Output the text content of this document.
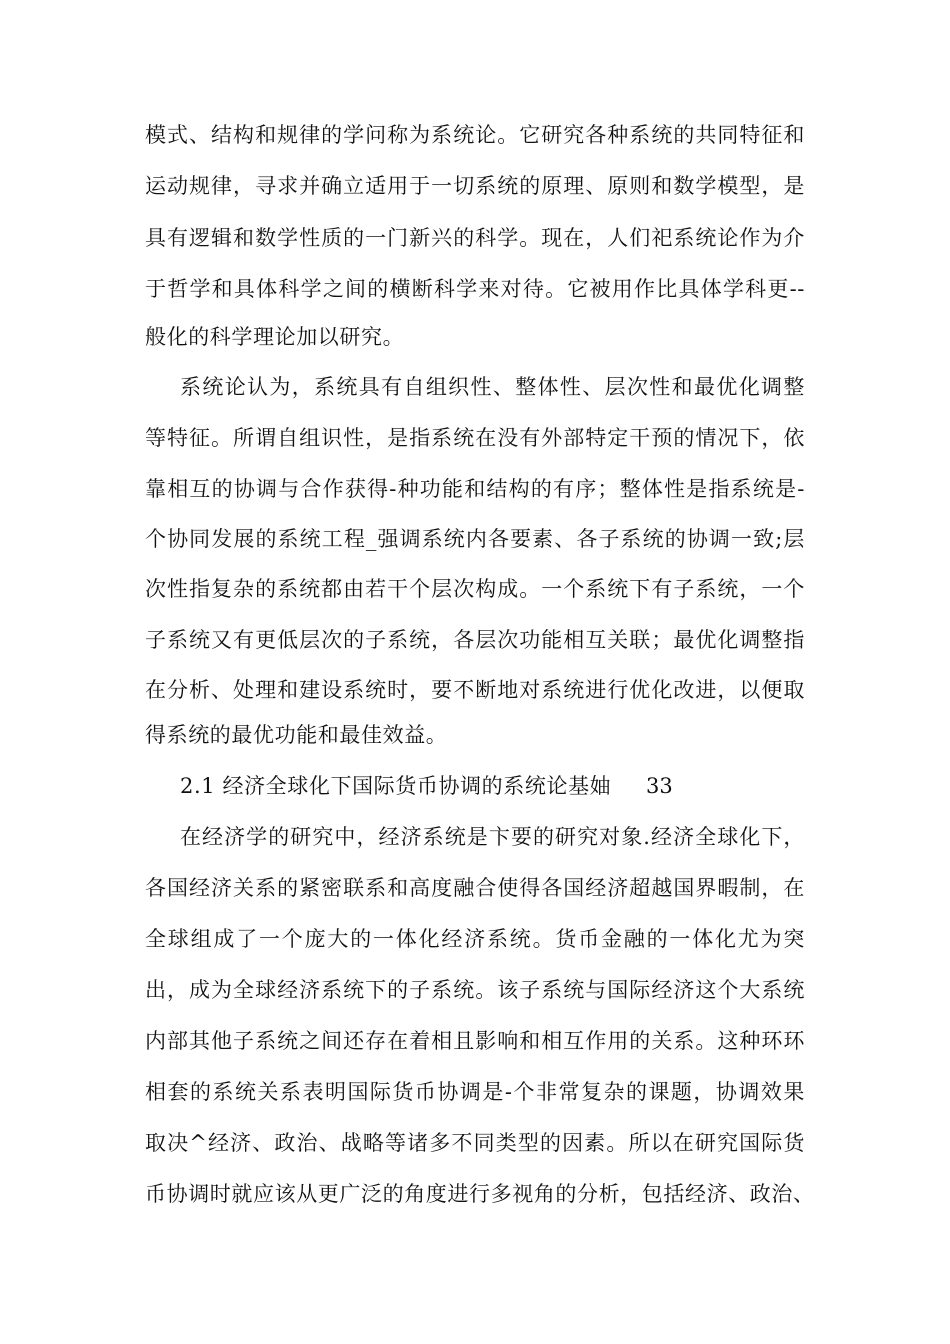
模式、结构和规律的学问称为系统论。它研究各种系统的共同特征和
运动规律，寻求并确立适用于一切系统的原理、原则和数学模型，是
具有逻辑和数学性质的一门新兴的科学。现在，人们祀系统论作为介
于哲学和具体科学之间的横断科学来对待。它被用作比具体学科更--
般化的科学理论加以研究。
系统论认为，系统具有自组织性、整体性、层次性和最优化调整
等特征。所谓自组识性，是指系统在没有外部特定干预的情况下，依
靠相互的协调与合作获得-种功能和结构的有序；整体性是指系统是-
个协同发展的系统工程_强调系统内各要素、各子系统的协调一致;层
次性指复杂的系统都由若干个层次构成。一个系统下有子系统，一个
子系统又有更低层次的子系统，各层次功能相互关联；最优化调整指
在分析、处理和建设系统时，要不断地对系统进行优化改进，以便取
得系统的最优功能和最佳效益。
2.1 经济全球化下国际货币协调的系统论基妯	33
在经济学的研究中，经济系统是卞要的研究对象.经济全球化下，
各国经济关系的紧密联系和高度融合使得各国经济超越国界暇制，在
全球组成了一个庞大的一体化经济系统。货币金融的一体化尤为突
出，成为全球经济系统下的子系统。该子系统与国际经济这个大系统
内部其他子系统之间还存在着相且影响和相互作用的关系。这种环环
相套的系统关系表明国际货币协调是-个非常复杂的课题，协调效果
取决^经济、政治、战略等诸多不同类型的因素。所以在研究国际货
币协调时就应该从更广泛的角度进行多视角的分析，包括经济、政治、
